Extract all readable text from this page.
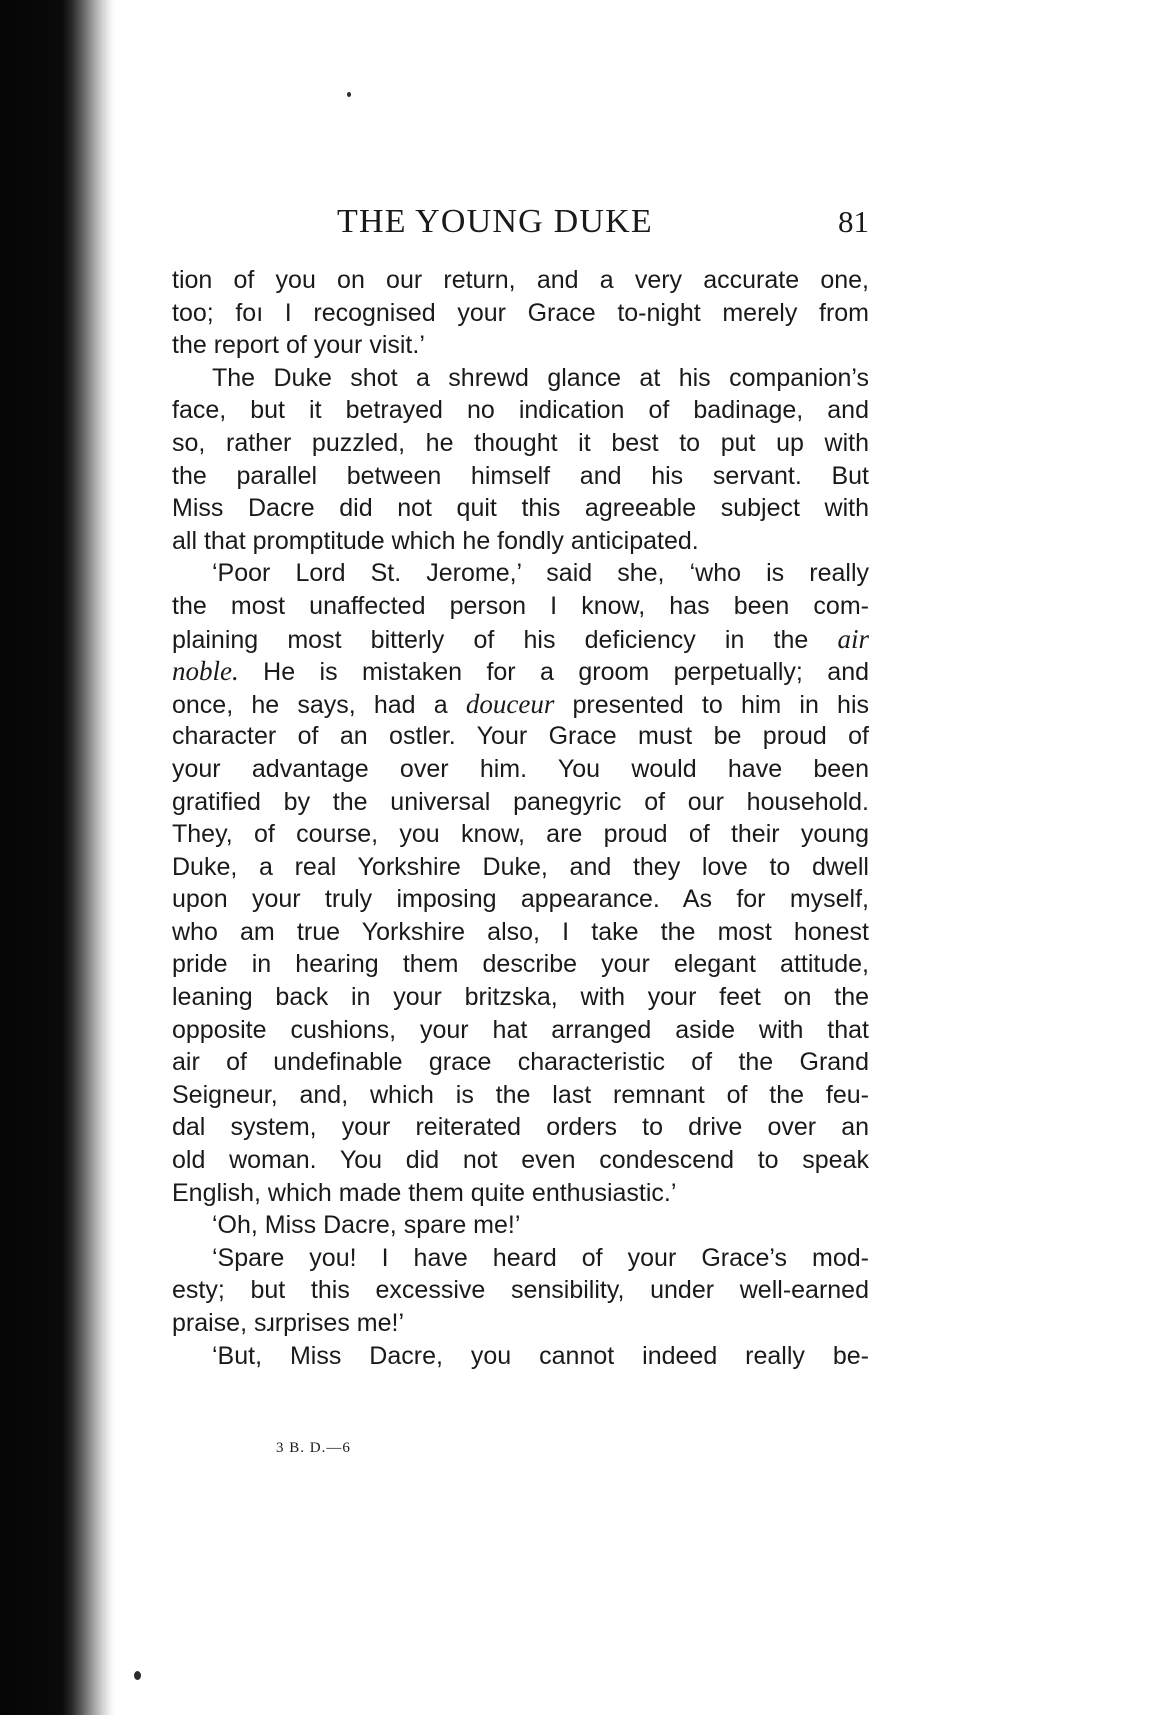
THE YOUNG DUKE	81
tion of you on our return, and a very accurate one,
too; foı I recognised your Grace to-night merely from
the report of your visit.’
The Duke shot a shrewd glance at his companion’s
face, but it betrayed no indication of badinage, and
so, rather puzzled, he thought it best to put up with
the parallel between himself and his servant. But
Miss Dacre did not quit this agreeable subject with
all that promptitude which he fondly anticipated.
‘Poor Lord St. Jerome,’ said she, ‘who is really
the most unaffected person I know, has been com-
plaining most bitterly of his deficiency in the air
noble. He is mistaken for a groom perpetually; and
once, he says, had a douceur presented to him in his
character of an ostler. Your Grace must be proud of
your advantage over him. You would have been
gratified by the universal panegyric of our household.
They, of course, you know, are proud of their young
Duke, a real Yorkshire Duke, and they love to dwell
upon your truly imposing appearance. As for myself,
who am true Yorkshire also, I take the most honest
pride in hearing them describe your elegant attitude,
leaning back in your britzska, with your feet on the
opposite cushions, your hat arranged aside with that
air of undefinable grace characteristic of the Grand
Seigneur, and, which is the last remnant of the feu-
dal system, your reiterated orders to drive over an
old woman. You did not even condescend to speak
English, which made them quite enthusiastic.’
‘Oh, Miss Dacre, spare me!’
‘Spare you! I have heard of your Grace’s mod-
esty; but this excessive sensibility, under well-earned
praise, sɹrprises me!’
‘But, Miss Dacre, you cannot indeed really be-
3 B. D.—6
